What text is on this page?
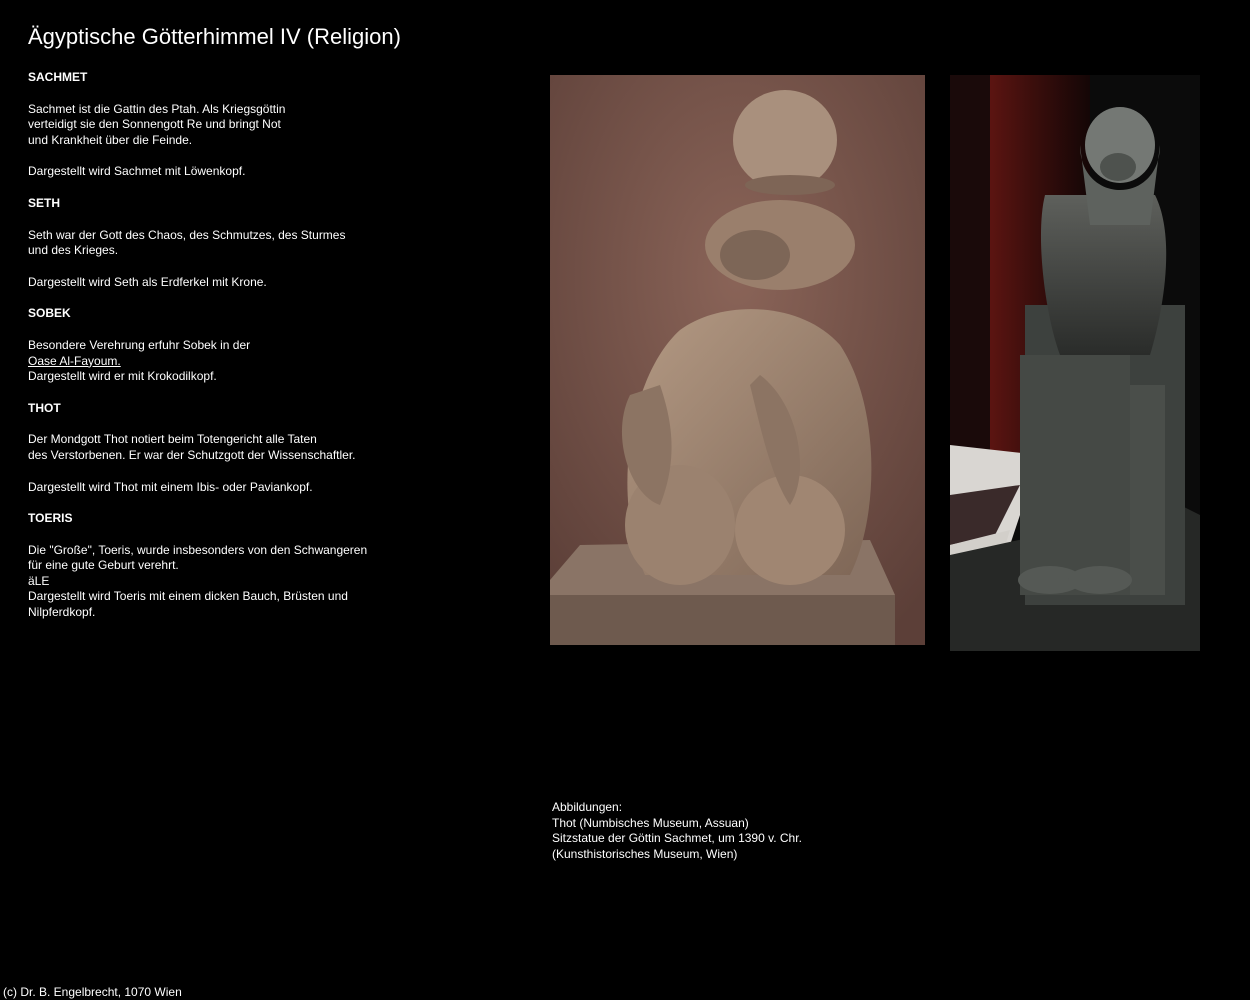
Ägyptische Götterhimmel IV (Religion)
SACHMET
Sachmet ist die Gattin des Ptah. Als Kriegsgöttin
verteidigt sie den Sonnengott Re und bringt Not
und Krankheit über die Feinde.
Dargestellt wird Sachmet mit Löwenkopf.
SETH
Seth war der Gott des Chaos, des Schmutzes, des Sturmes
und des Krieges.
Dargestellt wird Seth als Erdferkel mit Krone.
SOBEK
Besondere Verehrung erfuhr Sobek in der
Oase Al-Fayoum.
Dargestellt wird er mit Krokodilkopf.
THOT
Der Mondgott Thot notiert beim Totengericht alle Taten
des Verstorbenen. Er war der Schutzgott der Wissenschaftler.
Dargestellt wird Thot mit einem Ibis- oder Paviankopf.
TOERIS
Die "Große", Toeris, wurde insbesonders von den Schwangeren
für eine gute Geburt verehrt.
äLE
Dargestellt wird Toeris mit einem dicken Bauch, Brüsten und
Nilpferdkopf.
Abbildungen:
Thot (Numbisches Museum, Assuan)
Sitzstatue der Göttin Sachmet, um 1390 v. Chr.
(Kunsthistorisches Museum, Wien)
(c) Dr. B. Engelbrecht, 1070 Wien
